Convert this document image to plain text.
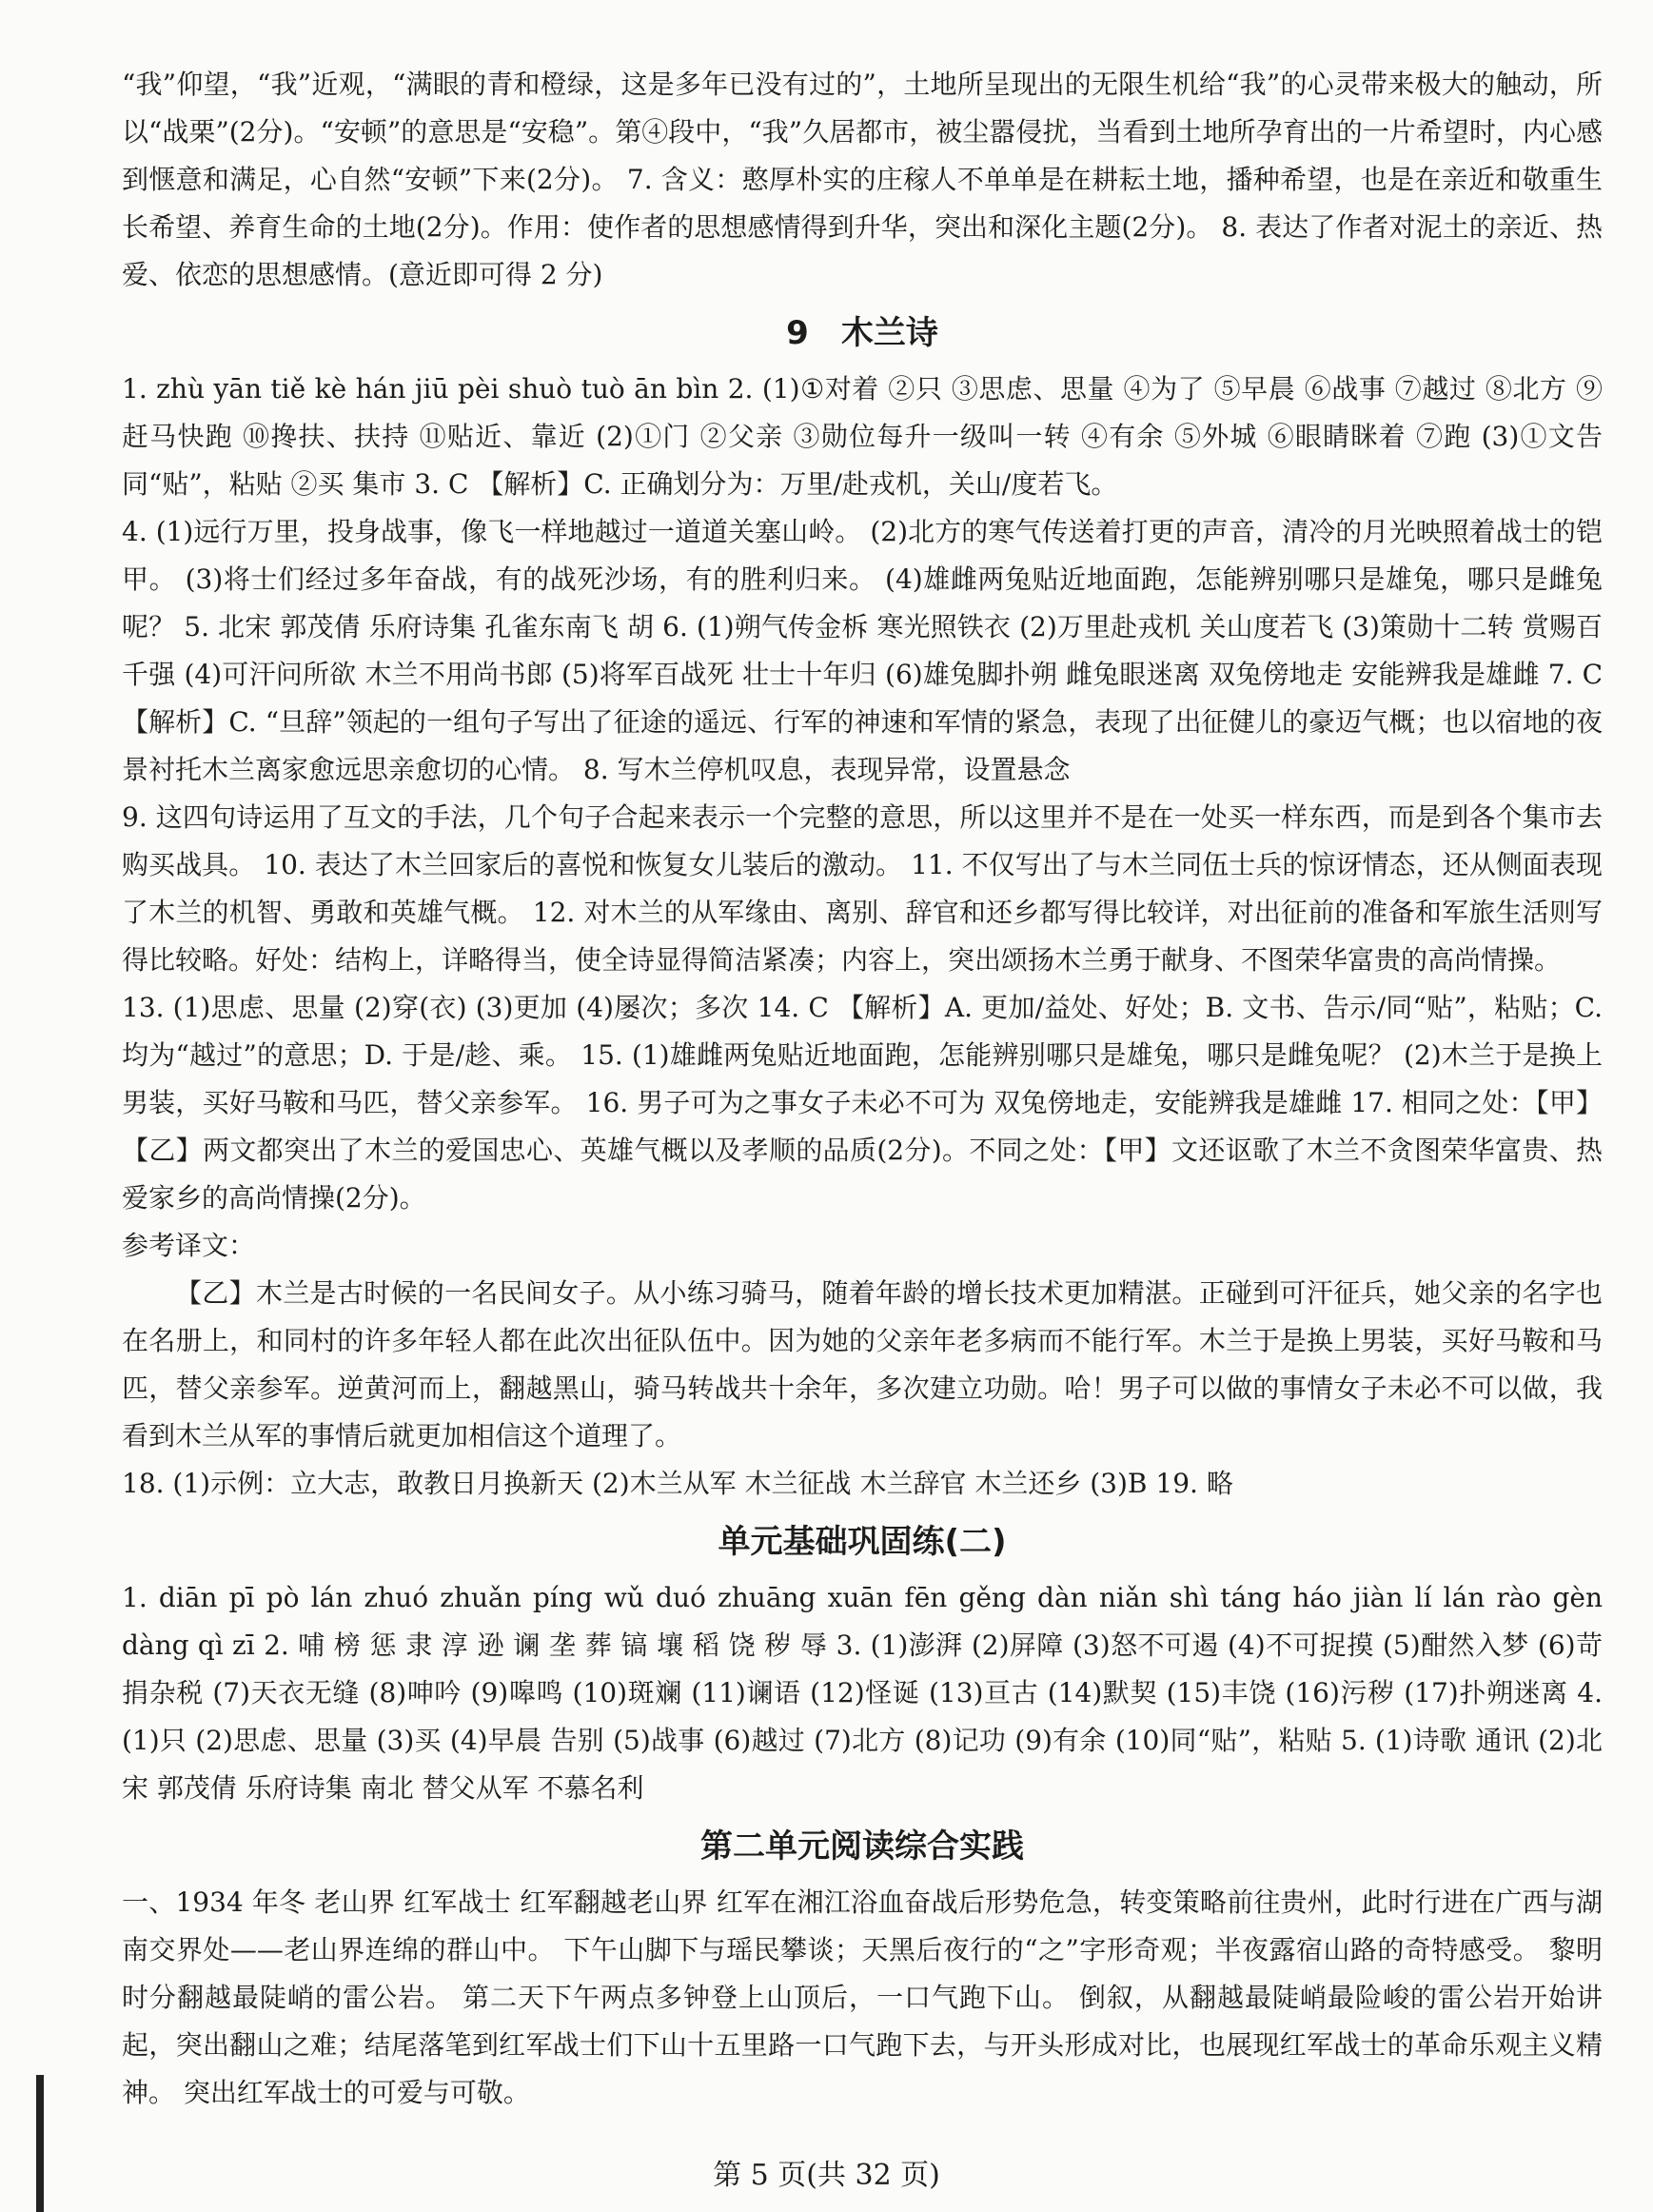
“我”仰望，“我”近观，“满眼的青和橙绿，这是多年已没有过的”，土地所呈现出的无限生机给“我”的心灵带来极大的触动，所以“战栗”(2分)。“安顿”的意思是“安稳”。第④段中，“我”久居都市，被尘嚣侵扰，当看到土地所孕育出的一片希望时，内心感到惬意和满足，心自然“安顿”下来(2分)。 7. 含义：憨厚朴实的庄稼人不单单是在耕耘土地，播种希望，也是在亲近和敬重生长希望、养育生命的土地(2分)。作用：使作者的思想感情得到升华，突出和深化主题(2分)。 8. 表达了作者对泥土的亲近、热爱、依恋的思想感情。(意近即可得 2 分)

9　木兰诗

1. zhù yān tiě kè hán jiū pèi shuò tuò ān bìn 2. (1)①对着 ②只 ③思虑、思量 ④为了 ⑤早晨 ⑥战事 ⑦越过 ⑧北方 ⑨赶马快跑 ⑩搀扶、扶持 ⑪贴近、靠近 (2)①门 ②父亲 ③勋位每升一级叫一转 ④有余 ⑤外城 ⑥眼睛眯着 ⑦跑 (3)①文告 同“贴”，粘贴 ②买 集市 3. C 【解析】C. 正确划分为：万里/赴戎机，关山/度若飞。

4. (1)远行万里，投身战事，像飞一样地越过一道道关塞山岭。 (2)北方的寒气传送着打更的声音，清冷的月光映照着战士的铠甲。 (3)将士们经过多年奋战，有的战死沙场，有的胜利归来。 (4)雄雌两兔贴近地面跑，怎能辨别哪只是雄兔，哪只是雌兔呢？ 5. 北宋 郭茂倩 乐府诗集 孔雀东南飞 胡 6. (1)朔气传金柝 寒光照铁衣 (2)万里赴戎机 关山度若飞 (3)策勋十二转 赏赐百千强 (4)可汗问所欲 木兰不用尚书郎 (5)将军百战死 壮士十年归 (6)雄兔脚扑朔 雌兔眼迷离 双兔傍地走 安能辨我是雄雌 7. C 【解析】C. “旦辞”领起的一组句子写出了征途的遥远、行军的神速和军情的紧急，表现了出征健儿的豪迈气概；也以宿地的夜景衬托木兰离家愈远思亲愈切的心情。 8. 写木兰停机叹息，表现异常，设置悬念

9. 这四句诗运用了互文的手法，几个句子合起来表示一个完整的意思，所以这里并不是在一处买一样东西，而是到各个集市去购买战具。 10. 表达了木兰回家后的喜悦和恢复女儿装后的激动。 11. 不仅写出了与木兰同伍士兵的惊讶情态，还从侧面表现了木兰的机智、勇敢和英雄气概。 12. 对木兰的从军缘由、离别、辞官和还乡都写得比较详，对出征前的准备和军旅生活则写得比较略。好处：结构上，详略得当，使全诗显得简洁紧凑；内容上，突出颂扬木兰勇于献身、不图荣华富贵的高尚情操。

13. (1)思虑、思量 (2)穿(衣) (3)更加 (4)屡次；多次 14. C 【解析】A. 更加/益处、好处；B. 文书、告示/同“贴”，粘贴；C. 均为“越过”的意思；D. 于是/趁、乘。 15. (1)雄雌两兔贴近地面跑，怎能辨别哪只是雄兔，哪只是雌兔呢？ (2)木兰于是换上男装，买好马鞍和马匹，替父亲参军。 16. 男子可为之事女子未必不可为 双兔傍地走，安能辨我是雄雌 17. 相同之处：【甲】【乙】两文都突出了木兰的爱国忠心、英雄气概以及孝顺的品质(2分)。不同之处：【甲】文还讴歌了木兰不贪图荣华富贵、热爱家乡的高尚情操(2分)。

参考译文：

【乙】木兰是古时候的一名民间女子。从小练习骑马，随着年龄的增长技术更加精湛。正碰到可汗征兵，她父亲的名字也在名册上，和同村的许多年轻人都在此次出征队伍中。因为她的父亲年老多病而不能行军。木兰于是换上男装，买好马鞍和马匹，替父亲参军。逆黄河而上，翻越黑山，骑马转战共十余年，多次建立功勋。哈！男子可以做的事情女子未必不可以做，我看到木兰从军的事情后就更加相信这个道理了。

18. (1)示例：立大志，敢教日月换新天 (2)木兰从军 木兰征战 木兰辞官 木兰还乡 (3)B 19. 略

单元基础巩固练(二)

1. diān pī pò lán zhuó zhuǎn píng wǔ duó zhuāng xuān fēn gěng dàn niǎn shì táng háo jiàn lí lán rào gèn dàng qì zī 2. 哺 榜 惩 隶 淳 逊 谰 垄 葬 镐 壤 稻 饶 秽 辱 3. (1)澎湃 (2)屏障 (3)怒不可遏 (4)不可捉摸 (5)酣然入梦 (6)苛捐杂税 (7)天衣无缝 (8)呻吟 (9)嗥鸣 (10)斑斓 (11)谰语 (12)怪诞 (13)亘古 (14)默契 (15)丰饶 (16)污秽 (17)扑朔迷离 4. (1)只 (2)思虑、思量 (3)买 (4)早晨 告别 (5)战事 (6)越过 (7)北方 (8)记功 (9)有余 (10)同“贴”，粘贴 5. (1)诗歌 通讯 (2)北宋 郭茂倩 乐府诗集 南北 替父从军 不慕名利

第二单元阅读综合实践

一、1934 年冬 老山界 红军战士 红军翻越老山界 红军在湘江浴血奋战后形势危急，转变策略前往贵州，此时行进在广西与湖南交界处——老山界连绵的群山中。 下午山脚下与瑶民攀谈；天黑后夜行的“之”字形奇观；半夜露宿山路的奇特感受。 黎明时分翻越最陡峭的雷公岩。 第二天下午两点多钟登上山顶后，一口气跑下山。 倒叙，从翻越最陡峭最险峻的雷公岩开始讲起，突出翻山之难；结尾落笔到红军战士们下山十五里路一口气跑下去，与开头形成对比，也展现红军战士的革命乐观主义精神。 突出红军战士的可爱与可敬。

第 5 页(共 32 页)
